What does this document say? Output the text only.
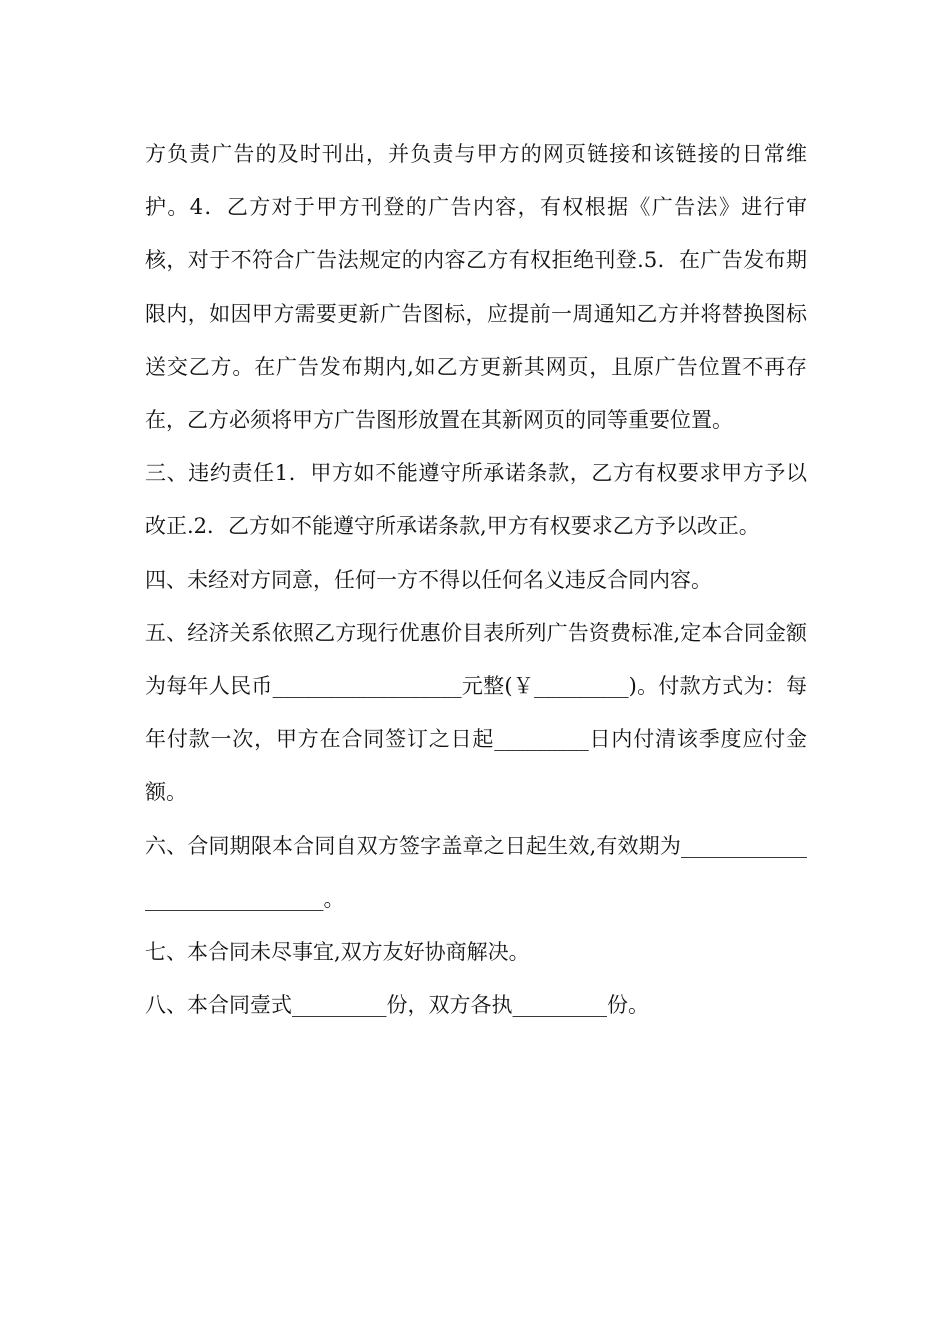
方负责广告的及时刊出，并负责与甲方的网页链接和该链接的日常维护。4．乙方对于甲方刊登的广告内容，有权根据《广告法》进行审核，对于不符合广告法规定的内容乙方有权拒绝刊登.5．在广告发布期限内，如因甲方需要更新广告图标，应提前一周通知乙方并将替换图标送交乙方。在广告发布期内,如乙方更新其网页，且原广告位置不再存在，乙方必须将甲方广告图形放置在其新网页的同等重要位置。

三、违约责任1．甲方如不能遵守所承诺条款，乙方有权要求甲方予以改正.2．乙方如不能遵守所承诺条款,甲方有权要求乙方予以改正。

四、未经对方同意，任何一方不得以任何名义违反合同内容。

五、经济关系依照乙方现行优惠价目表所列广告资费标准,定本合同金额为每年人民币__________________元整(￥_________)。付款方式为：每年付款一次，甲方在合同签订之日起_________日内付清该季度应付金额。

六、合同期限本合同自双方签字盖章之日起生效,有效期为_____________________________。

七、本合同未尽事宜,双方友好协商解决。

八、本合同壹式_________份，双方各执_________份。
